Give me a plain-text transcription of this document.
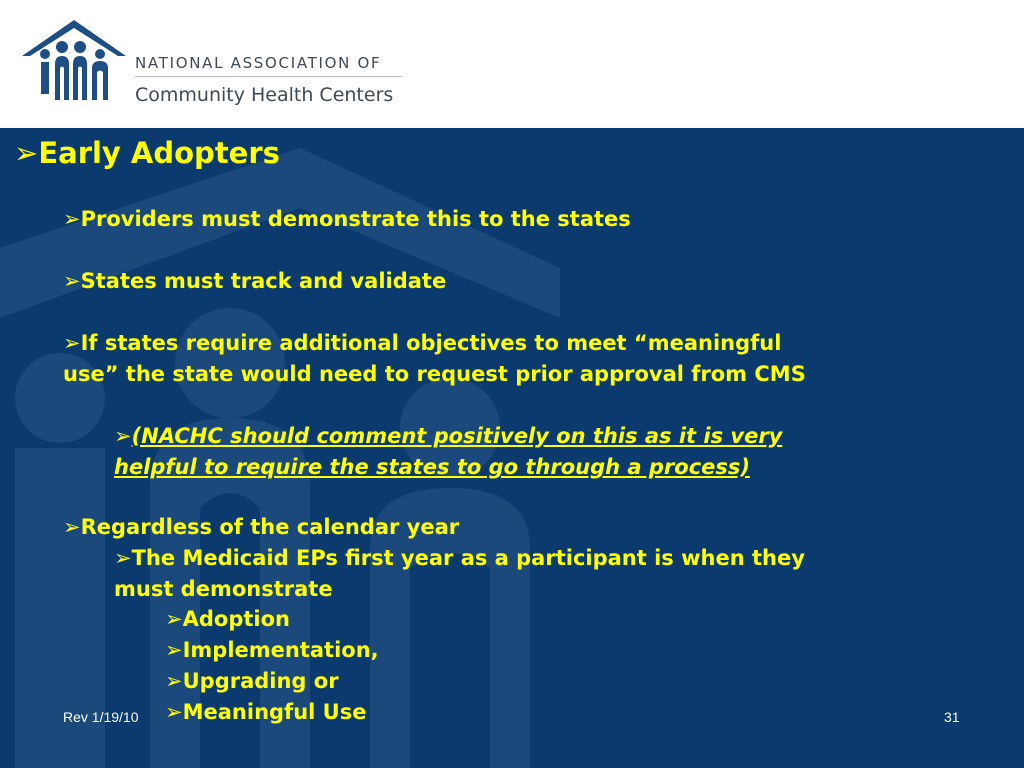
NATIONAL ASSOCIATION OF
Community Health Centers
➢Early Adopters
➢Providers must demonstrate this to the states
➢States must track and validate
➢If states require additional objectives to meet “meaningful
use” the state would need to request prior approval from CMS
➢(NACHC should comment positively on this as it is very
helpful to require the states to go through a process)
➢Regardless of the calendar year
➢The Medicaid EPs first year as a participant is when they
must demonstrate
➢Adoption
➢Implementation,
➢Upgrading or
➢Meaningful Use
Rev 1/19/10	31
